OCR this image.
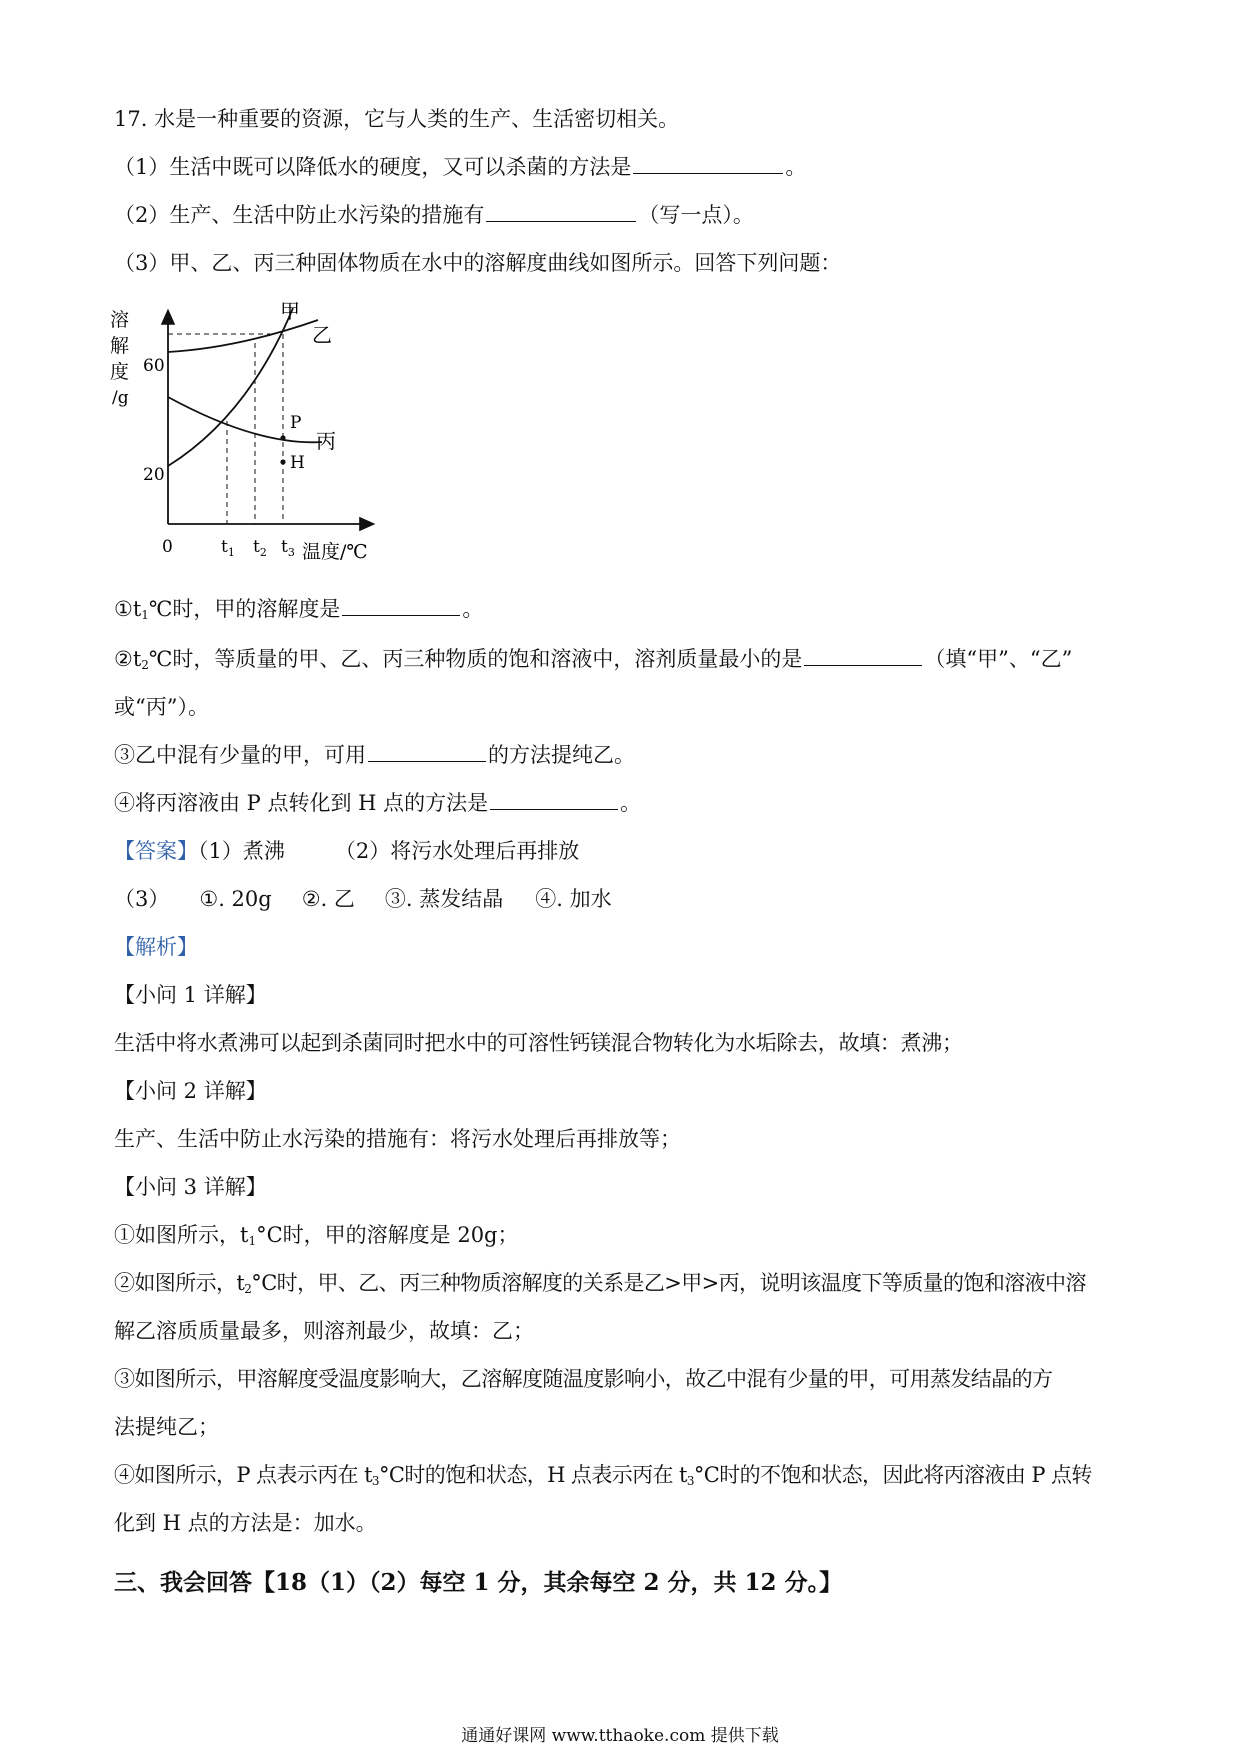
17. 水是一种重要的资源，它与人类的生产、生活密切相关。
（1）生活中既可以降低水的硬度，又可以杀菌的方法是	。
（2）生产、生活中防止水污染的措施有	（写一点）。
（3）甲、乙、丙三种固体物质在水中的溶解度曲线如图所示。回答下列问题：
溶
解
度
/g
60
20
0	$t_1$ $t_2$ $t_3$ 温度/℃
甲
乙
丙
P
H
$①t_1℃$时，甲的溶解度是	。
$②t_2℃$时，等质量的甲、乙、丙三种物质的饱和溶液中，溶剂质量最小的是	（填“甲”、“乙”
或“丙”）。
③乙中混有少量的甲，可用	的方法提纯乙。
④将丙溶液由 P 点转化到 H 点的方法是	。
【答案】（1）煮沸 （2）将污水处理后再排放
（3） ①. 20g ②. 乙 ③. 蒸发结晶 ④. 加水
【解析】
【小问 1 详解】
生活中将水煮沸可以起到杀菌同时把水中的可溶性钙镁混合物转化为水垢除去，故填：煮沸；
【小问 2 详解】
生产、生活中防止水污染的措施有：将污水处理后再排放等；
【小问 3 详解】
①如图所示，$t_1^\circ C$时，甲的溶解度是 20g；
②如图所示，$t_2^\circ C$时，甲、乙、丙三种物质溶解度的关系是乙>甲>丙，说明该温度下等质量的饱和溶液中溶
解乙溶质质量最多，则溶剂最少，故填：乙；
③如图所示，甲溶解度受温度影响大，乙溶解度随温度影响小，故乙中混有少量的甲，可用蒸发结晶的方
法提纯乙；
④如图所示，P 点表示丙在 $t_3^\circ C$时的饱和状态，H 点表示丙在 $t_3^\circ C$时的不饱和状态，因此将丙溶液由 P 点转
化到 H 点的方法是：加水。
三、我会回答【18（1）（2）每空 1 分，其余每空 2 分，共 12 分。】
通通好课网 www.tthaoke.com 提供下载
